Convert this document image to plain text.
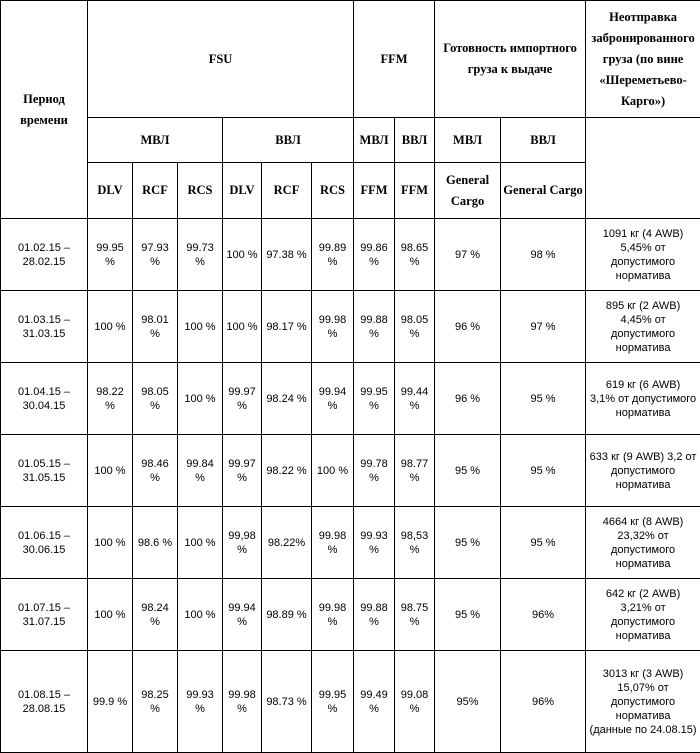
Период
времени	FSU						FFM		Готовность импортного груза к выдаче		Неотправка забронированного груза (по вине «Шереметьево-Карго»)
	МВЛ			ВВЛ			МВЛ	ВВЛ	МВЛ	ВВЛ	
	DLV	RCF	RCS	DLV	RCF	RCS	FFM	FFM	General Cargo	General Cargo	
01.02.15 –
28.02.15	99.95 %	97.93 %	99.73 %	100 %	97.38 %	99.89 %	99.86 %	98.65 %	97 %	98 %	1091 кг (4 AWB)
5,45% от допустимого норматива
01.03.15 –
31.03.15	100 %	98.01 %	100 %	100 %	98.17 %	99.98 %	99.88 %	98.05 %	96 %	97 %	895 кг (2 AWB)
4,45% от допустимого норматива
01.04.15 –
30.04.15	98.22 %	98.05 %	100 %	99.97 %	98.24 %	99.94 %	99.95 %	99.44 %	96 %	95 %	619 кг (6 AWB)
3,1% от допустимого норматива
01.05.15 –
31.05.15	100 %	98.46 %	99.84 %	99.97 %	98.22 %	100 %	99.78 %	98.77 %	95 %	95 %	633 кг (9 AWB) 3,2 от допустимого норматива
01.06.15 –
30.06.15	100 %	98.6 %	100 %	99,98 %	98.22%	99.98 %	99.93 %	98,53 %	95 %	95 %	4664 кг (8 AWB)
23,32% от допустимого норматива
01.07.15 –
31.07.15	100 %	98.24 %	100 %	99.94 %	98.89 %	99.98 %	99.88 %	98.75 %	95 %	96%	642 кг (2 AWB)
3,21% от допустимого норматива
01.08.15 –
28.08.15	99.9 %	98.25 %	99.93 %	99.98 %	98.73 %	99.95 %	99.49 %	99.08 %	95%	96%	3013 кг (3 AWB)
15,07% от допустимого норматива
(данные по 24.08.15)
